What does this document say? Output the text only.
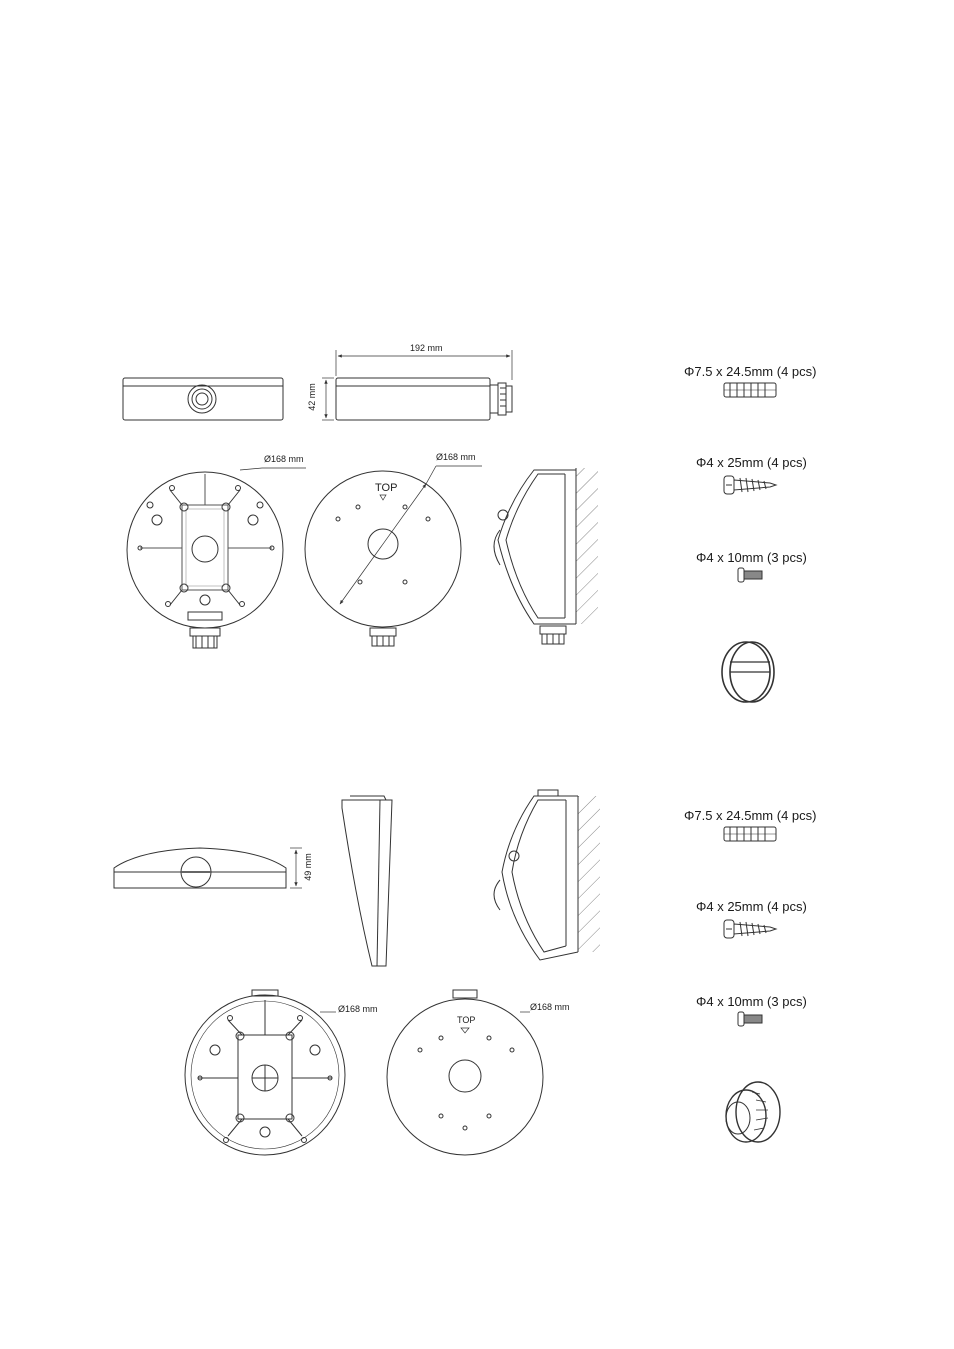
192 mm
42 mm
Ø168 mm	Ø168 mm
TOP
Φ7.5 x 24.5mm (4 pcs)
Φ4 x 25mm (4 pcs)
Φ4 x 10mm (3 pcs)
49 mm
Ø168 mm	Ø168 mm
TOP
Φ7.5 x 24.5mm (4 pcs)
Φ4 x 25mm (4 pcs)
Φ4 x 10mm (3 pcs)
